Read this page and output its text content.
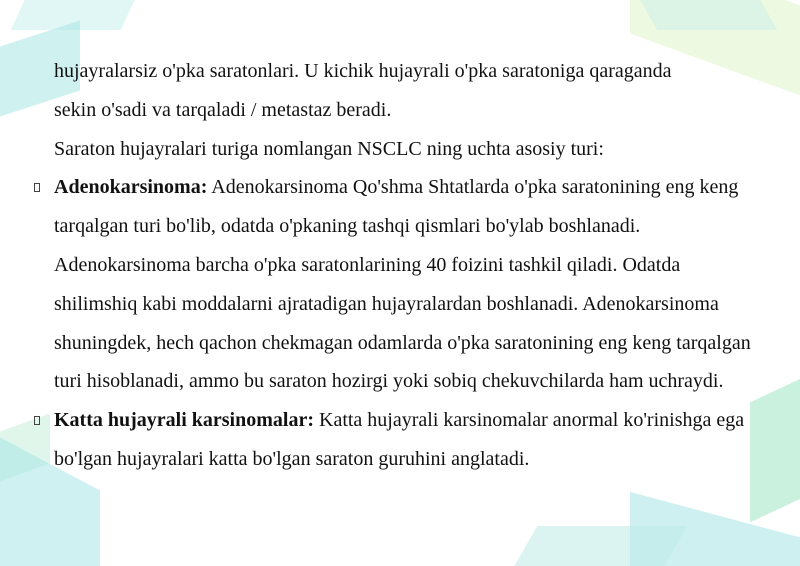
hujayralarsiz o'pka saratonlari. U kichik hujayrali o'pka saratoniga qaraganda
sekin o'sadi va tarqaladi / metastaz beradi.

Saraton hujayralari turiga nomlangan NSCLC ning uchta asosiy turi:

Adenokarsinoma: Adenokarsinoma Qo'shma Shtatlarda o'pka saratonining eng keng tarqalgan turi bo'lib, odatda o'pkaning tashqi qismlari bo'ylab boshlanadi. Adenokarsinoma barcha o'pka saratonlarining 40 foizini tashkil qiladi. Odatda shilimshiq kabi moddalarni ajratadigan hujayralardan boshlanadi. Adenokarsinoma shuningdek, hech qachon chekmagan odamlarda o'pka saratonining eng keng tarqalgan turi hisoblanadi, ammo bu saraton hozirgi yoki sobiq chekuvchilarda ham uchraydi.

Katta hujayrali karsinomalar: Katta hujayrali karsinomalar anormal ko'rinishga ega bo'lgan hujayralari katta bo'lgan saraton guruhini anglatadi.
